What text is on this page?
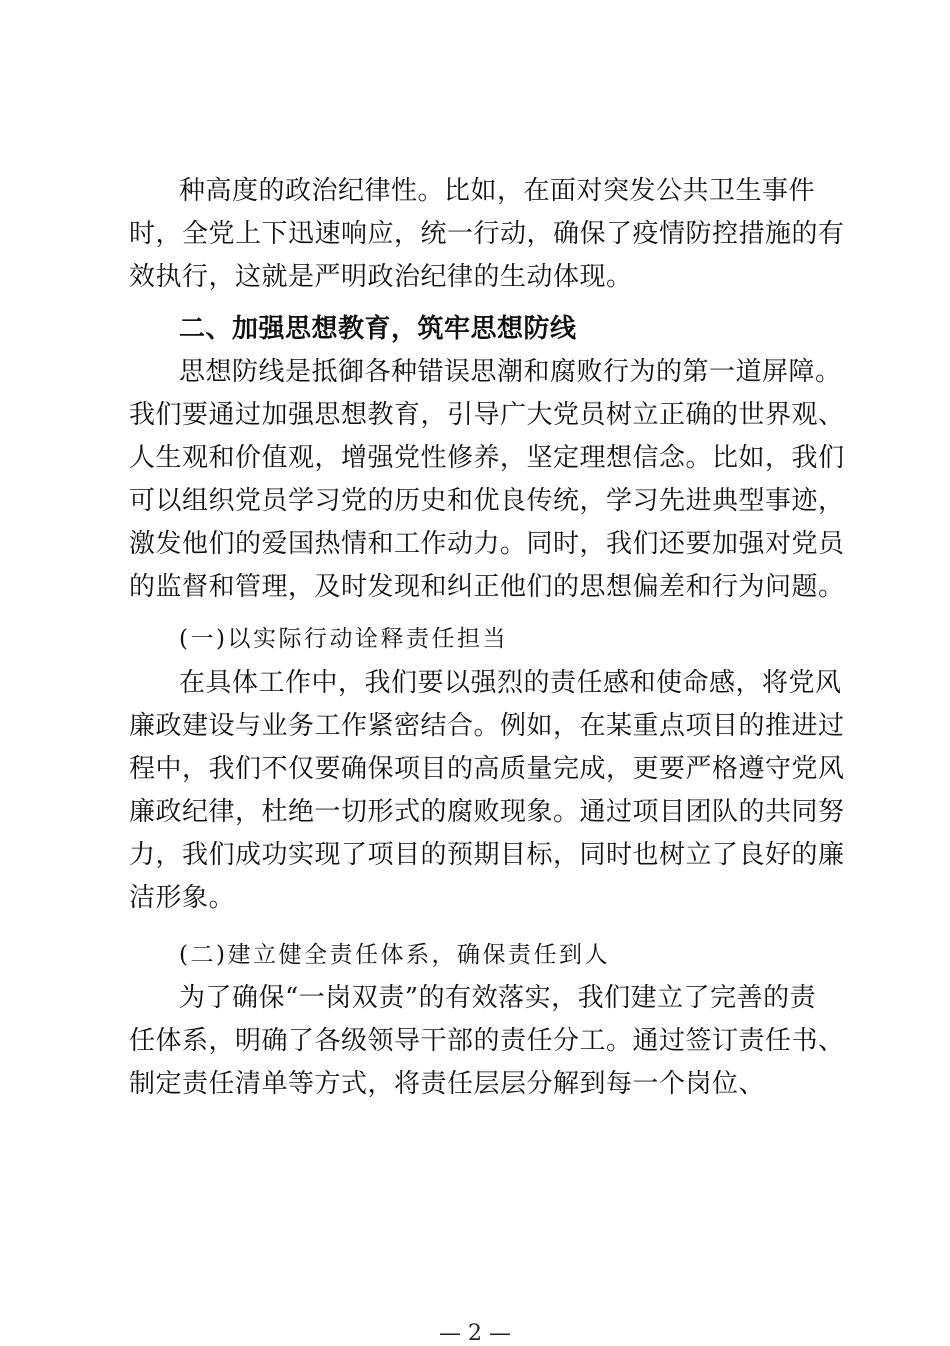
种高度的政治纪律性。比如，在面对突发公共卫生事件
时，全党上下迅速响应，统一行动，确保了疫情防控措施的有
效执行，这就是严明政治纪律的生动体现。
二、加强思想教育，筑牢思想防线
思想防线是抵御各种错误思潮和腐败行为的第一道屏障。
我们要通过加强思想教育，引导广大党员树立正确的世界观、
人生观和价值观，增强党性修养，坚定理想信念。比如，我们
可以组织党员学习党的历史和优良传统，学习先进典型事迹，
激发他们的爱国热情和工作动力。同时，我们还要加强对党员
的监督和管理，及时发现和纠正他们的思想偏差和行为问题。
(一)以实际行动诠释责任担当
在具体工作中，我们要以强烈的责任感和使命感，将党风
廉政建设与业务工作紧密结合。例如，在某重点项目的推进过
程中，我们不仅要确保项目的高质量完成，更要严格遵守党风
廉政纪律，杜绝一切形式的腐败现象。通过项目团队的共同努
力，我们成功实现了项目的预期目标，同时也树立了良好的廉
洁形象。
(二)建立健全责任体系，确保责任到人
为了确保“一岗双责”的有效落实，我们建立了完善的责
任体系，明确了各级领导干部的责任分工。通过签订责任书、
制定责任清单等方式，将责任层层分解到每一个岗位、
— 2 —
